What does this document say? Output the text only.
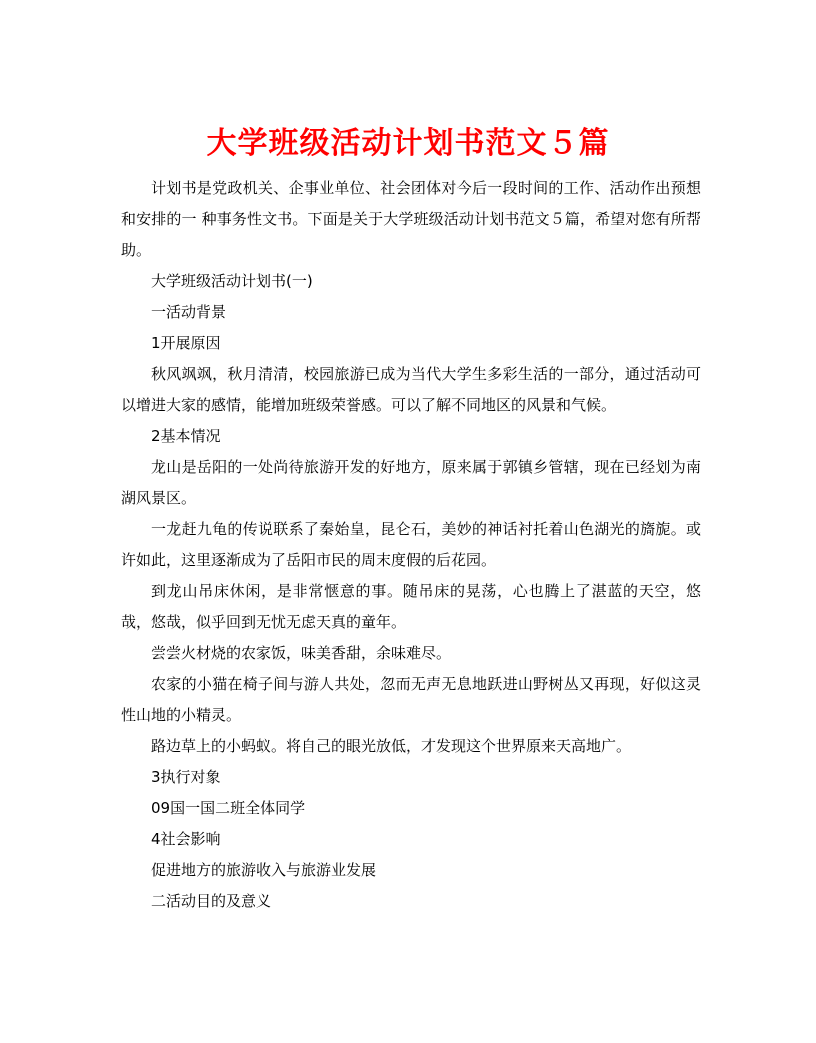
大学班级活动计划书范文５篇

计划书是党政机关、企事业单位、社会团体对今后一段时间的工作、活动作出预想和安排的一 种事务性文书。下面是关于大学班级活动计划书范文５篇，希望对您有所帮助。

大学班级活动计划书(一)

一活动背景

1开展原因

秋风飒飒，秋月清清，校园旅游已成为当代大学生多彩生活的一部分，通过活动可以增进大家的感情，能增加班级荣誉感。可以了解不同地区的风景和气候。

2基本情况

龙山是岳阳的一处尚待旅游开发的好地方，原来属于郭镇乡管辖，现在已经划为南湖风景区。

一龙赶九龟的传说联系了秦始皇，昆仑石，美妙的神话衬托着山色湖光的旖旎。或许如此，这里逐渐成为了岳阳市民的周末度假的后花园。

到龙山吊床休闲，是非常惬意的事。随吊床的晃荡，心也腾上了湛蓝的天空，悠哉，悠哉，似乎回到无忧无虑天真的童年。

尝尝火材烧的农家饭，味美香甜，余味难尽。

农家的小猫在椅子间与游人共处，忽而无声无息地跃进山野树丛又再现，好似这灵性山地的小精灵。

路边草上的小蚂蚁。将自己的眼光放低，才发现这个世界原来天高地广。

3执行对象

09国一国二班全体同学

4社会影响

促进地方的旅游收入与旅游业发展

二活动目的及意义
